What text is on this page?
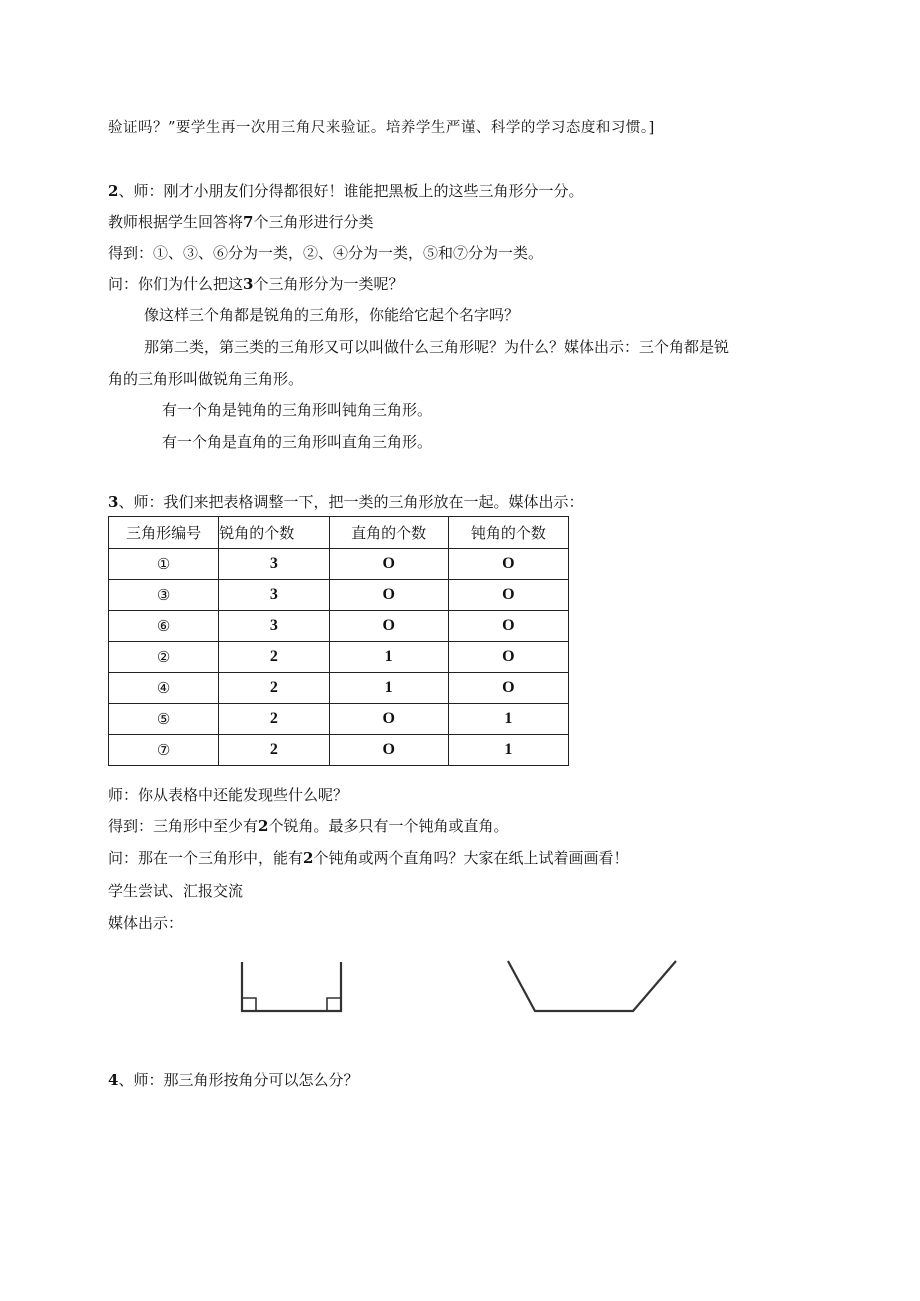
验证吗？”要学生再一次用三角尺来验证。培养学生严谨、科学的学习态度和习惯。]
2、师：刚才小朋友们分得都很好！谁能把黑板上的这些三角形分一分。
教师根据学生回答将7个三角形进行分类
得到：①、③、⑥分为一类，②、④分为一类，⑤和⑦分为一类。
问：你们为什么把这3个三角形分为一类呢？
像这样三个角都是锐角的三角形，你能给它起个名字吗？
那第二类，第三类的三角形又可以叫做什么三角形呢？为什么？媒体出示：三个角都是锐
角的三角形叫做锐角三角形。
有一个角是钝角的三角形叫钝角三角形。
有一个角是直角的三角形叫直角三角形。
3、师：我们来把表格调整一下，把一类的三角形放在一起。媒体出示：
三角形编号	锐角的个数	直角的个数	钝角的个数
①	3	O	O
③	3	O	O
⑥	3	O	O
②	2	1	O
④	2	1	O
⑤	2	O	1
⑦	2	O	1
师：你从表格中还能发现些什么呢？
得到：三角形中至少有2个锐角。最多只有一个钝角或直角。
问：那在一个三角形中，能有2个钝角或两个直角吗？大家在纸上试着画画看！
学生尝试、汇报交流
媒体出示：
4、师：那三角形按角分可以怎么分？
